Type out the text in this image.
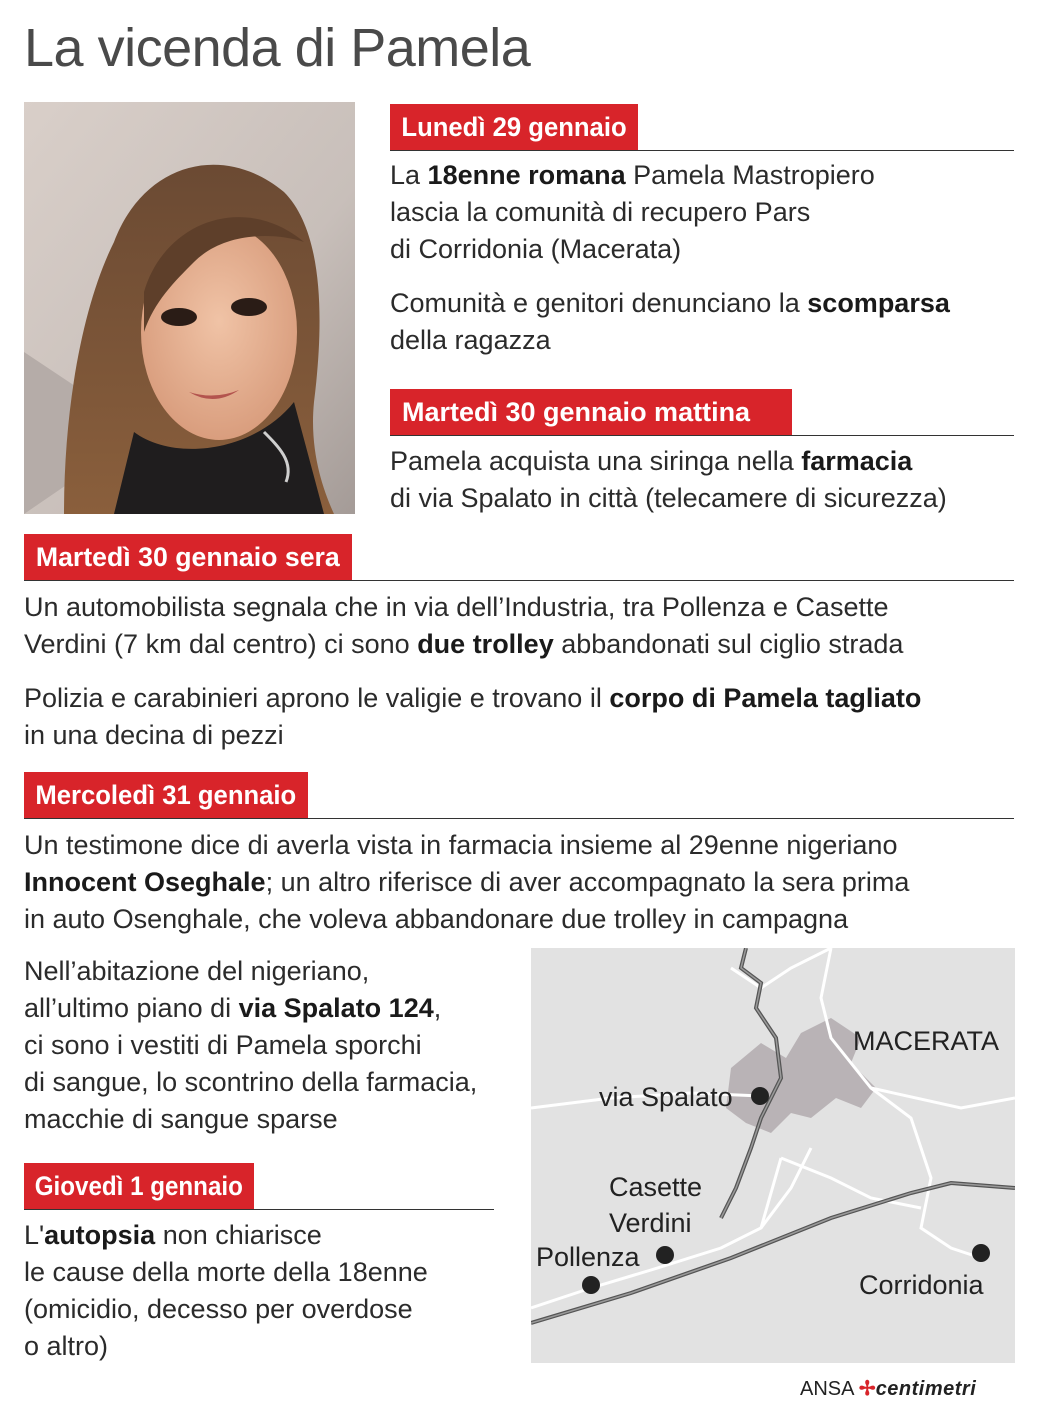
La vicenda di Pamela
Lunedì 29 gennaio
La 18enne romana Pamela Mastropiero
lascia la comunità di recupero Pars
di Corridonia (Macerata)
Comunità e genitori denunciano la scomparsa
della ragazza
Martedì 30 gennaio mattina
Pamela acquista una siringa nella farmacia
di via Spalato in città (telecamere di sicurezza)
Martedì 30 gennaio sera
Un automobilista segnala che in via dell’Industria, tra Pollenza e Casette
Verdini (7 km dal centro) ci sono due trolley abbandonati sul ciglio strada
Polizia e carabinieri aprono le valigie e trovano il corpo di Pamela tagliato
in una decina di pezzi
Mercoledì 31 gennaio
Un testimone dice di averla vista in farmacia insieme al 29enne nigeriano
Innocent Oseghale; un altro riferisce di aver accompagnato la sera prima
in auto Osenghale, che voleva abbandonare due trolley in campagna
Nell’abitazione del nigeriano,
all’ultimo piano di via Spalato 124,
ci sono i vestiti di Pamela sporchi
di sangue, lo scontrino della farmacia,
macchie di sangue sparse
Giovedì 1 gennaio
L'autopsia non chiarisce
le cause della morte della 18enne
(omicidio, decesso per overdose
o altro)
MACERATA
via Spalato
Casette
Verdini
Pollenza
Corridonia
ANSA ✢centimetri
